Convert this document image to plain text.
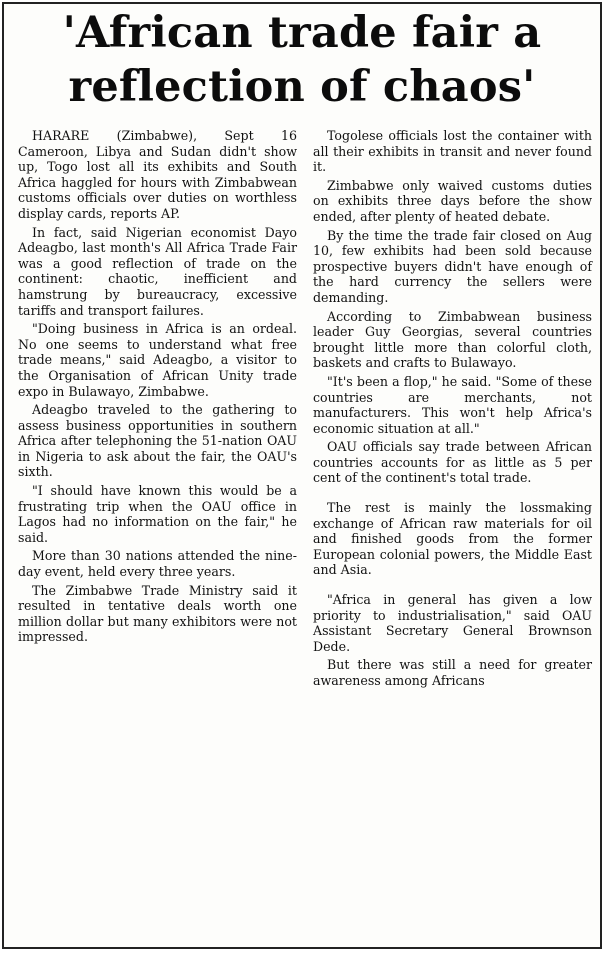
'African trade fair a
reflection of chaos'

HARARE (Zimbabwe), Sept 16 Cameroon, Libya and Sudan didn't show up, Togo lost all its exhibits and South Africa haggled for hours with Zimbabwean customs officials over duties on worthless display cards, reports AP.

In fact, said Nigerian economist Dayo Adeagbo, last month's All Africa Trade Fair was a good reflection of trade on the continent: chaotic, inefficient and hamstrung by bureaucracy, excessive tariffs and transport failures.

"Doing business in Africa is an ordeal. No one seems to understand what free trade means," said Adeagbo, a visitor to the Organisation of African Unity trade expo in Bulawayo, Zimbabwe.

Adeagbo traveled to the gathering to assess business opportunities in southern Africa after telephoning the 51-nation OAU in Nigeria to ask about the fair, the OAU's sixth.

"I should have known this would be a frustrating trip when the OAU office in Lagos had no information on the fair," he said.

More than 30 nations attended the nine-day event, held every three years.

The Zimbabwe Trade Ministry said it resulted in tentative deals worth one million dollar but many exhibitors were not impressed.

Togolese officials lost the container with all their exhibits in transit and never found it.

Zimbabwe only waived customs duties on exhibits three days before the show ended, after plenty of heated debate.

By the time the trade fair closed on Aug 10, few exhibits had been sold because prospective buyers didn't have enough of the hard currency the sellers were demanding.

According to Zimbabwean business leader Guy Georgias, several countries brought little more than colorful cloth, baskets and crafts to Bulawayo.

"It's been a flop," he said. "Some of these countries are merchants, not manufacturers. This won't help Africa's economic situation at all."

OAU officials say trade between African countries accounts for as little as 5 per cent of the continent's total trade.

The rest is mainly the lossmaking exchange of African raw materials for oil and finished goods from the former European colonial powers, the Middle East and Asia.

"Africa in general has given a low priority to industrialisation," said OAU Assistant Secretary General Brownson Dede.

But there was still a need for greater awareness among Africans
